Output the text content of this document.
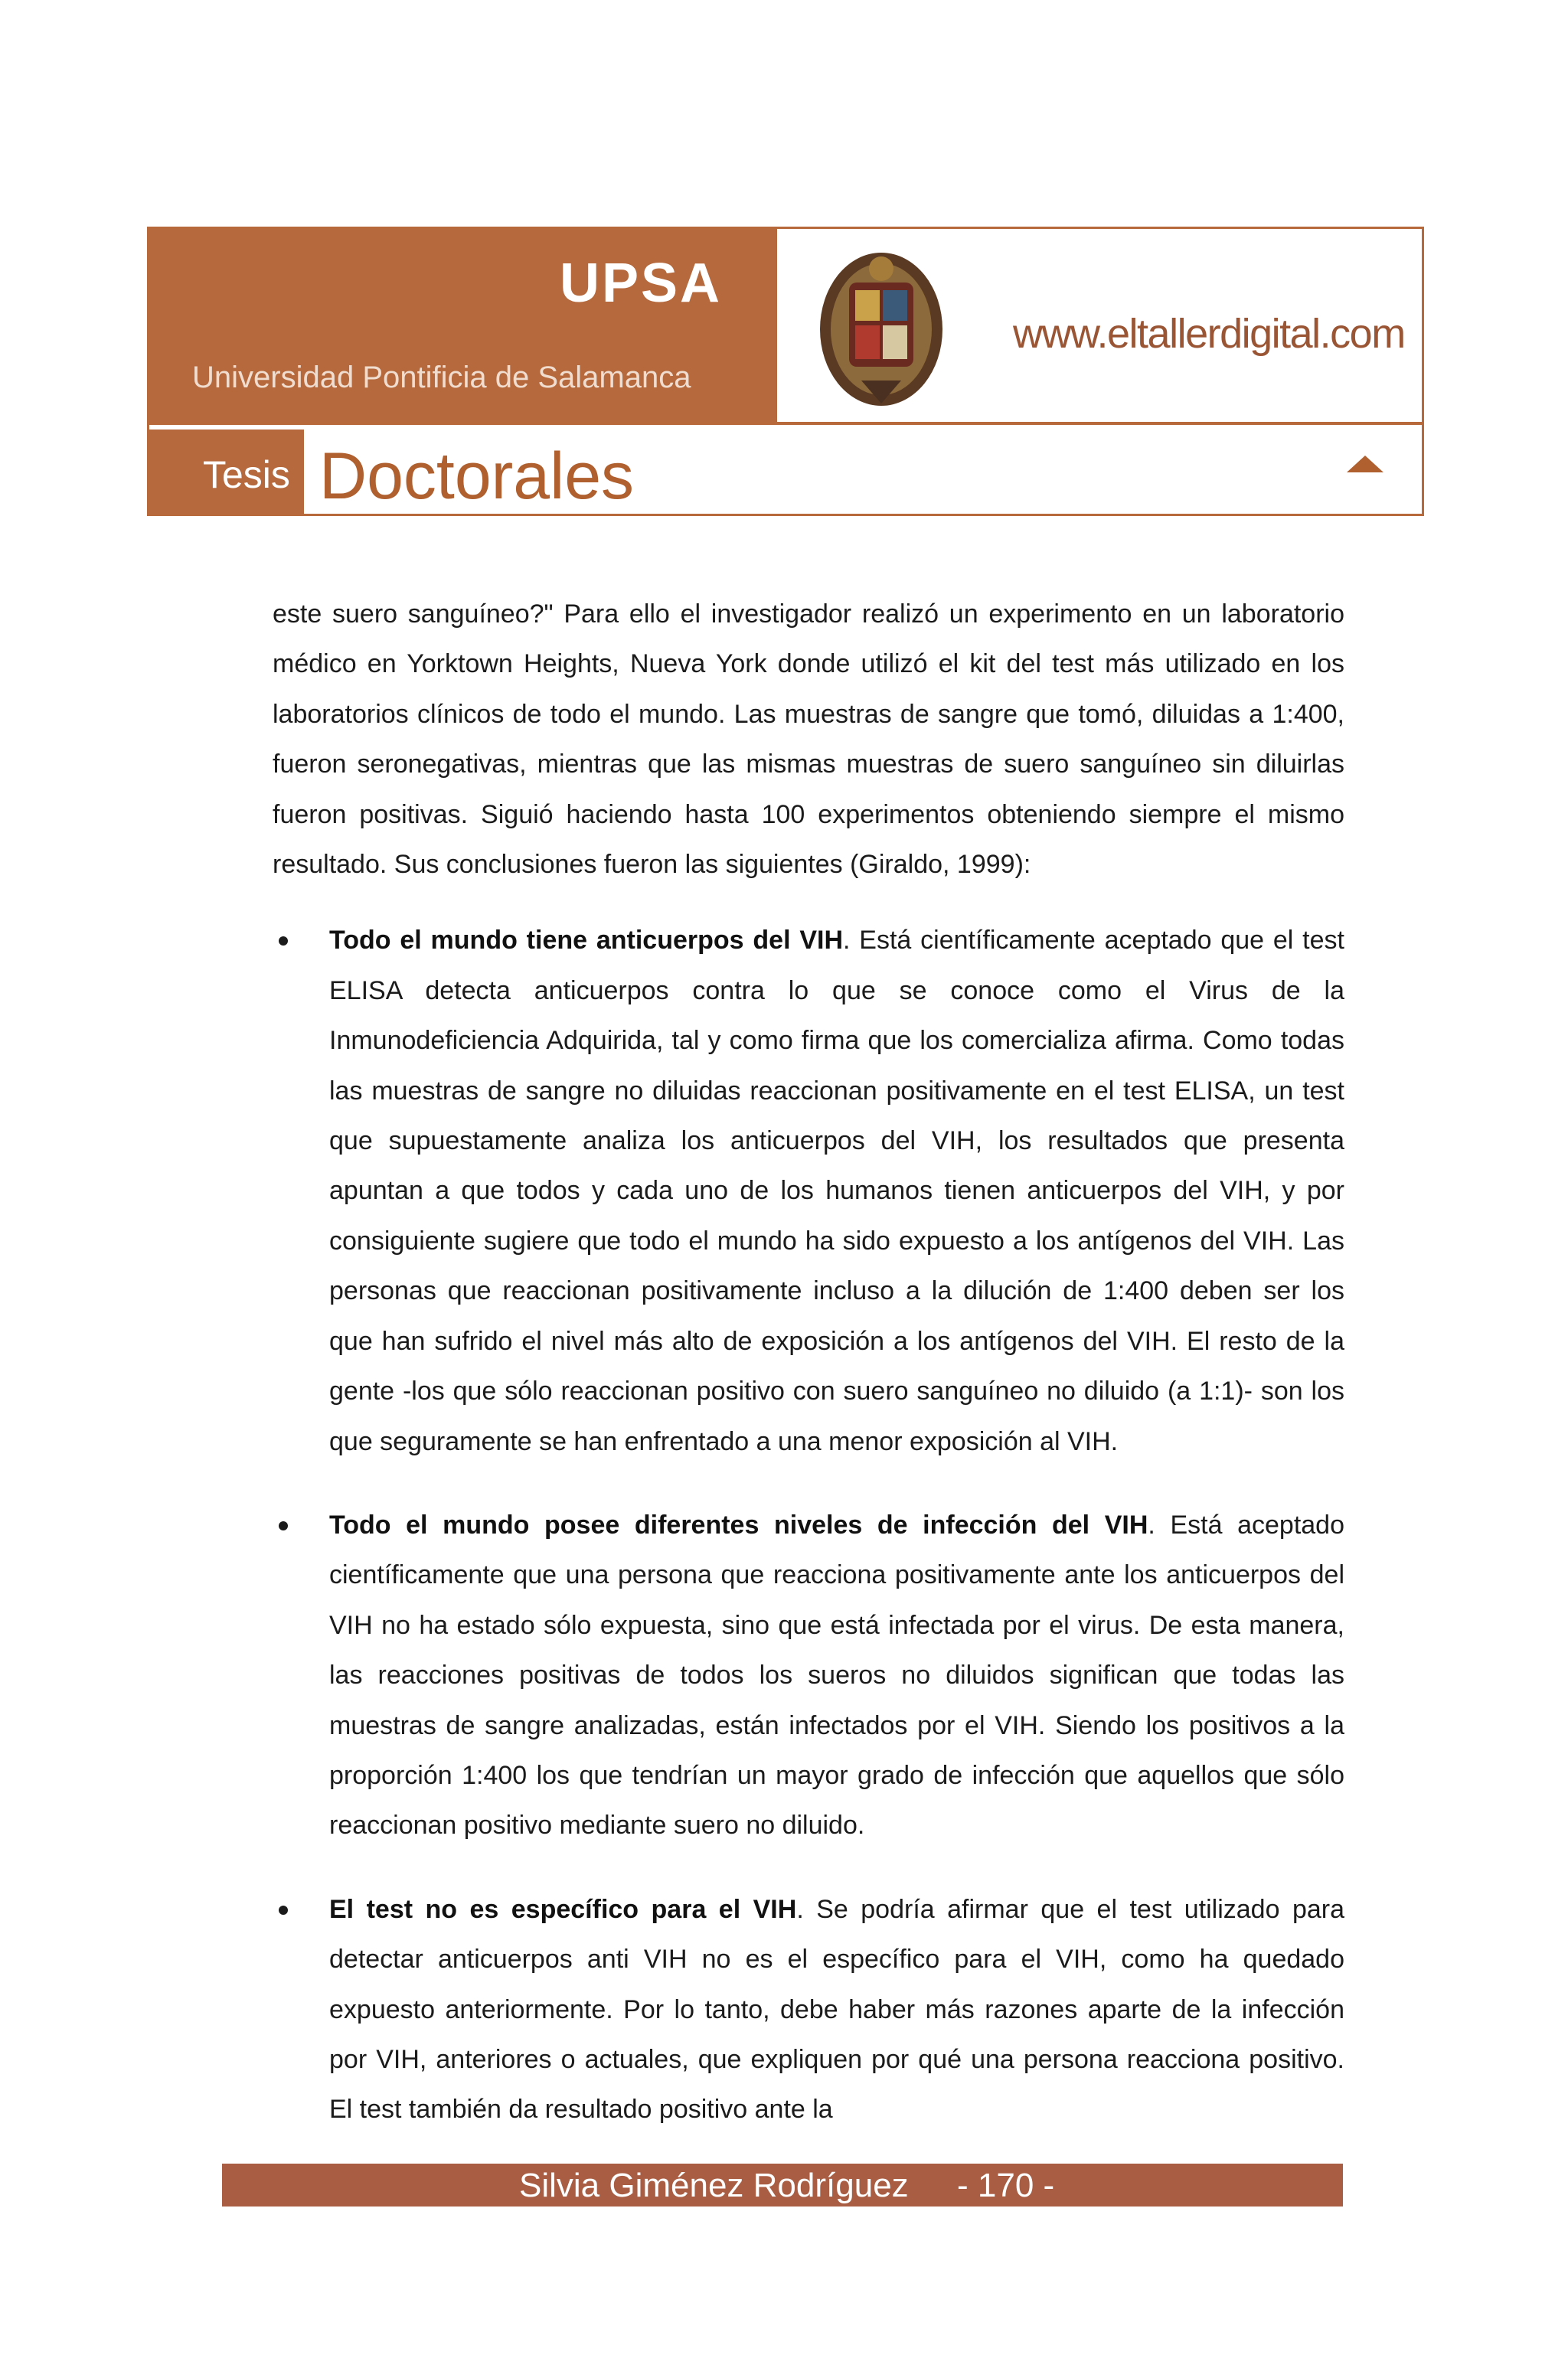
UPSA
Universidad Pontificia de Salamanca
www.eltallerdigital.com
Tesis Doctorales

este suero sanguíneo?" Para ello el investigador realizó un experimento en un laboratorio médico en Yorktown Heights, Nueva York donde utilizó el kit del test más utilizado en los laboratorios clínicos de todo el mundo. Las muestras de sangre que tomó, diluidas a 1:400, fueron seronegativas, mientras que las mismas muestras de suero sanguíneo sin diluirlas fueron positivas. Siguió haciendo hasta 100 experimentos obteniendo siempre el mismo resultado. Sus conclusiones fueron las siguientes (Giraldo, 1999):

Todo el mundo tiene anticuerpos del VIH. Está científicamente aceptado que el test ELISA detecta anticuerpos contra lo que se conoce como el Virus de la Inmunodeficiencia Adquirida, tal y como firma que los comercializa afirma. Como todas las muestras de sangre no diluidas reaccionan positivamente en el test ELISA, un test que supuestamente analiza los anticuerpos del VIH, los resultados que presenta apuntan a que todos y cada uno de los humanos tienen anticuerpos del VIH, y por consiguiente sugiere que todo el mundo ha sido expuesto a los antígenos del VIH. Las personas que reaccionan positivamente incluso a la dilución de 1:400 deben ser los que han sufrido el nivel más alto de exposición a los antígenos del VIH. El resto de la gente -los que sólo reaccionan positivo con suero sanguíneo no diluido (a 1:1)- son los que seguramente se han enfrentado a una menor exposición al VIH.
Todo el mundo posee diferentes niveles de infección del VIH. Está aceptado científicamente que una persona que reacciona positivamente ante los anticuerpos del VIH no ha estado sólo expuesta, sino que está infectada por el virus. De esta manera, las reacciones positivas de todos los sueros no diluidos significan que todas las muestras de sangre analizadas, están infectados por el VIH. Siendo los positivos a la proporción 1:400 los que tendrían un mayor grado de infección que aquellos que sólo reaccionan positivo mediante suero no diluido.
El test no es específico para el VIH. Se podría afirmar que el test utilizado para detectar anticuerpos anti VIH no es el específico para el VIH, como ha quedado expuesto anteriormente. Por lo tanto, debe haber más razones aparte de la infección por VIH, anteriores o actuales, que expliquen por qué una persona reacciona positivo. El test también da resultado positivo ante la
Silvia Giménez Rodríguez - 170 -
